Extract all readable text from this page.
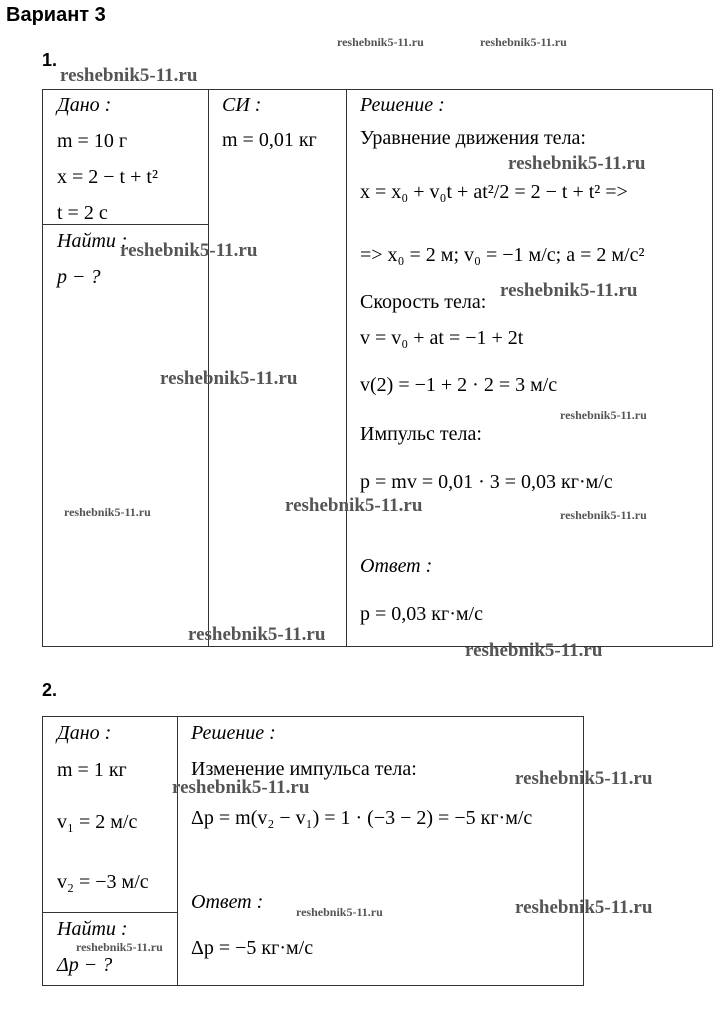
Вариант 3
1.
Дано :
m = 10 г
x = 2 − t + t²
t = 2 с
Найти :
p − ?
СИ :
m = 0,01 кг
Решение :
Уравнение движения тела:
x = x₀ + v₀t + at²/2 = 2 − t + t² =>
=> x₀ = 2 м; v₀ = −1 м/с; a = 2 м/с²
Скорость тела:
v = v₀ + at = −1 + 2t
v(2) = −1 + 2 · 2 = 3 м/с
Импульс тела:
p = mv = 0,01 · 3 = 0,03 кг·м/с
Ответ :
p = 0,03 кг·м/с
2.
Дано :
m = 1 кг
v₁ = 2 м/с
v₂ = −3 м/с
Найти :
Δp − ?
Решение :
Изменение импульса тела:
Δp = m(v₂ − v₁) = 1 · (−3 − 2) = −5 кг·м/с
Ответ :
Δp = −5 кг·м/с
reshebnik5-11.ru	reshebnik5-11.ru
reshebnik5-11.ru
reshebnik5-11.ru
reshebnik5-11.ru
reshebnik5-11.ru
reshebnik5-11.ru
reshebnik5-11.ru
reshebnik5-11.ru
reshebnik5-11.ru	reshebnik5-11.ru
reshebnik5-11.ru
reshebnik5-11.ru
reshebnik5-11.ru
reshebnik5-11.ru
reshebnik5-11.ru
reshebnik5-11.ru
reshebnik5-11.ru
